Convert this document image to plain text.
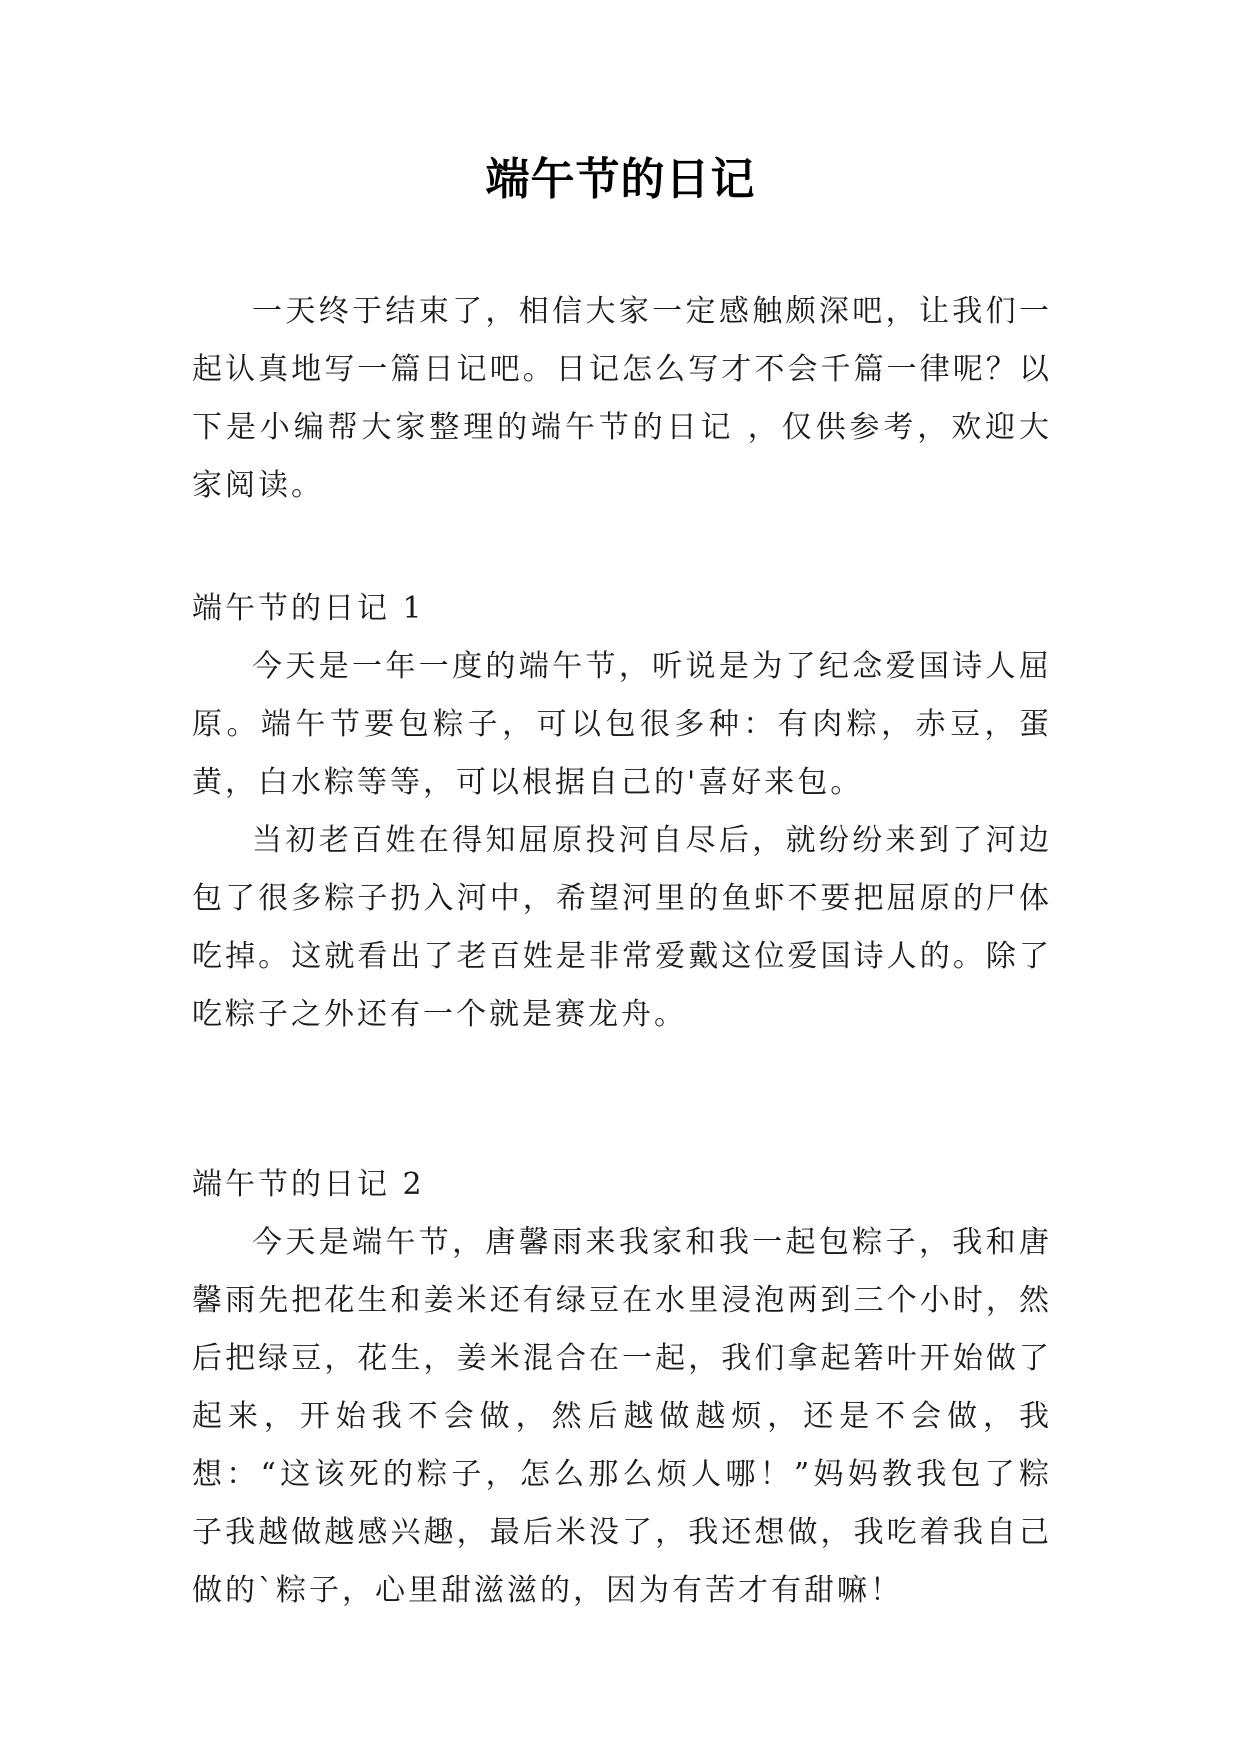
端午节的日记

一天终于结束了，相信大家一定感触颇深吧，让我们一起认真地写一篇日记吧。日记怎么写才不会千篇一律呢？以下是小编帮大家整理的端午节的日记 ，仅供参考，欢迎大家阅读。

端午节的日记 1

今天是一年一度的端午节，听说是为了纪念爱国诗人屈原。端午节要包粽子，可以包很多种：有肉粽，赤豆，蛋黄，白水粽等等，可以根据自己的'喜好来包。

当初老百姓在得知屈原投河自尽后，就纷纷来到了河边包了很多粽子扔入河中，希望河里的鱼虾不要把屈原的尸体吃掉。这就看出了老百姓是非常爱戴这位爱国诗人的。除了吃粽子之外还有一个就是赛龙舟。

端午节的日记 2

今天是端午节，唐馨雨来我家和我一起包粽子，我和唐馨雨先把花生和姜米还有绿豆在水里浸泡两到三个小时，然后把绿豆，花生，姜米混合在一起，我们拿起箬叶开始做了起来，开始我不会做，然后越做越烦，还是不会做，我想：“这该死的粽子，怎么那么烦人哪！”妈妈教我包了粽子我越做越感兴趣，最后米没了，我还想做，我吃着我自己做的`粽子，心里甜滋滋的，因为有苦才有甜嘛！
